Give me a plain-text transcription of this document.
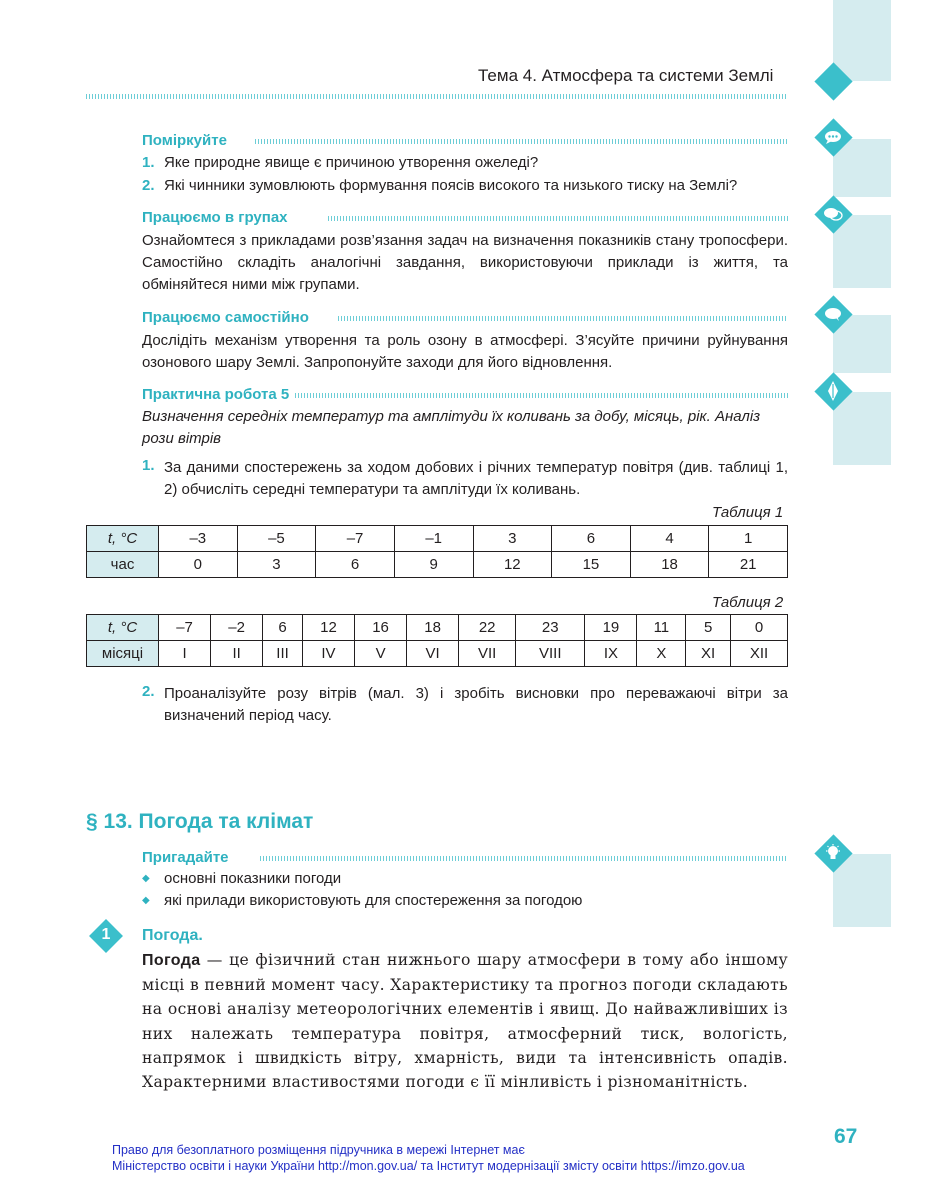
Тема 4. Атмосфера та системи Землі
Поміркуйте
1. Яке природне явище є причиною утворення ожеледі?
2. Які чинники зумовлюють формування поясів високого та низького тиску на Землі?
Працюємо в групах
Ознайомтеся з прикладами розв’язання задач на визначення показників стану тропосфери. Самостійно складіть аналогічні завдання, використовуючи приклади із життя, та обміняйтеся ними між групами.
Працюємо самостійно
Дослідіть механізм утворення та роль озону в атмосфері. З’ясуйте причини руйнування озонового шару Землі. Запропонуйте заходи для його відновлення.
Практична робота 5
Визначення середніх температур та амплітуди їх коливань за добу, місяць, рік. Аналіз рози вітрів
1. За даними спостережень за ходом добових і річних температур повітря (див. таблиці 1, 2) обчисліть середні температури та амплітуди їх коливань.
Таблиця 1
t, °C	–3	–5	–7	–1	3	6	4	1
час	0	3	6	9	12	15	18	21
Таблиця 2
t, °C	–7	–2	6	12	16	18	22	23	19	11	5	0
місяці	I	II	III	IV	V	VI	VII	VIII	IX	X	XI	XII
2. Проаналізуйте розу вітрів (мал. 3) і зробіть висновки про переважаючі вітри за визначений період часу.
§ 13. Погода та клімат
Пригадайте
◆ основні показники погоди
◆ які прилади використовують для спостереження за погодою
1	Погода.
Погода — це фізичний стан нижнього шару атмосфери в тому або іншому місці в певний момент часу. Характеристику та прогноз погоди складають на основі аналізу метеорологічних елементів і явищ. До найважливіших із них належать температура повітря, атмосферний тиск, вологість, напрямок і швидкість вітру, хмарність, види та інтенсивність опадів. Характерними властивостями погоди є її мінливість і різноманітність.
67
Право для безоплатного розміщення підручника в мережі Інтернет має
Міністерство освіти і науки України http://mon.gov.ua/ та Інститут модернізації змісту освіти https://imzo.gov.ua
